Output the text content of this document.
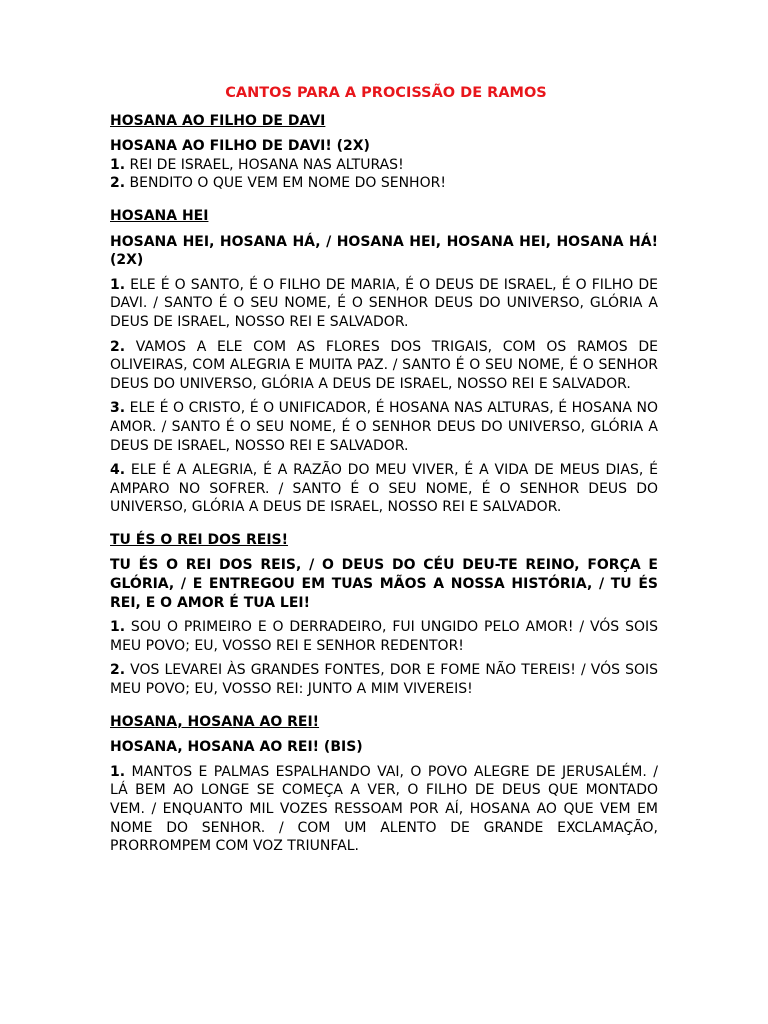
CANTOS PARA A PROCISSÃO DE RAMOS
HOSANA AO FILHO DE DAVI
HOSANA AO FILHO DE DAVI! (2X)

1. REI DE ISRAEL, HOSANA NAS ALTURAS!

2. BENDITO O QUE VEM EM NOME DO SENHOR!

HOSANA HEI
HOSANA HEI, HOSANA HÁ, / HOSANA HEI, HOSANA HEI, HOSANA HÁ! (2X)

1. ELE É O SANTO, É O FILHO DE MARIA, É O DEUS DE ISRAEL, É O FILHO DE DAVI. / SANTO É O SEU NOME, É O SENHOR DEUS DO UNIVERSO, GLÓRIA A DEUS DE ISRAEL, NOSSO REI E SALVADOR.

2. VAMOS A ELE COM AS FLORES DOS TRIGAIS, COM OS RAMOS DE OLIVEIRAS, COM ALEGRIA E MUITA PAZ. / SANTO É O SEU NOME, É O SENHOR DEUS DO UNIVERSO, GLÓRIA A DEUS DE ISRAEL, NOSSO REI E SALVADOR.

3. ELE É O CRISTO, É O UNIFICADOR, É HOSANA NAS ALTURAS, É HOSANA NO AMOR. / SANTO É O SEU NOME, É O SENHOR DEUS DO UNIVERSO, GLÓRIA A DEUS DE ISRAEL, NOSSO REI E SALVADOR.

4. ELE É A ALEGRIA, É A RAZÃO DO MEU VIVER, É A VIDA DE MEUS DIAS, É AMPARO NO SOFRER. / SANTO É O SEU NOME, É O SENHOR DEUS DO UNIVERSO, GLÓRIA A DEUS DE ISRAEL, NOSSO REI E SALVADOR.

TU ÉS O REI DOS REIS!
TU ÉS O REI DOS REIS, / O DEUS DO CÉU DEU-TE REINO, FORÇA E GLÓRIA, / E ENTREGOU EM TUAS MÃOS A NOSSA HISTÓRIA, / TU ÉS REI, E O AMOR É TUA LEI!

1. SOU O PRIMEIRO E O DERRADEIRO, FUI UNGIDO PELO AMOR! / VÓS SOIS MEU POVO; EU, VOSSO REI E SENHOR REDENTOR!

2. VOS LEVAREI ÀS GRANDES FONTES, DOR E FOME NÃO TEREIS! / VÓS SOIS MEU POVO; EU, VOSSO REI: JUNTO A MIM VIVEREIS!

HOSANA, HOSANA AO REI!
HOSANA, HOSANA AO REI! (BIS)

1. MANTOS E PALMAS ESPALHANDO VAI, O POVO ALEGRE DE JERUSALÉM. / LÁ BEM AO LONGE SE COMEÇA A VER, O FILHO DE DEUS QUE MONTADO VEM. / ENQUANTO MIL VOZES RESSOAM POR AÍ, HOSANA AO QUE VEM EM NOME DO SENHOR. / COM UM ALENTO DE GRANDE EXCLAMAÇÃO, PRORROMPEM COM VOZ TRIUNFAL.
